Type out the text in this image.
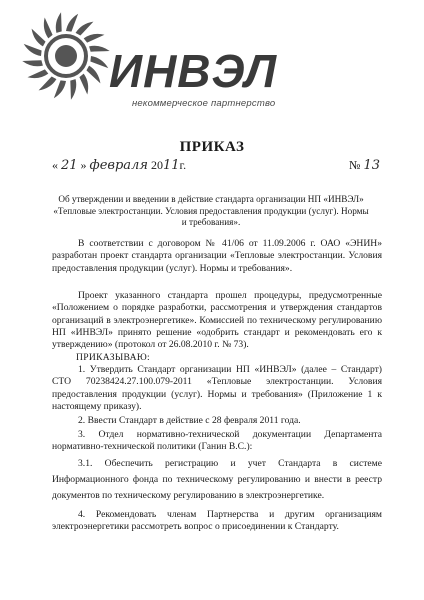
ИНВЭЛ
некоммерческое партнерство
ПРИКАЗ
« 21 » февраля 2011г.	№ 13
Об утверждении и введении в действие стандарта организации НП «ИНВЭЛ» «Тепловые электростанции. Условия предоставления продукции (услуг). Нормы и требования».

В соответствии с договором № 41/06 от 11.09.2006 г. ОАО «ЭНИН» разработан проект стандарта организации «Тепловые электростанции. Условия предоставления продукции (услуг). Нормы и требования».

Проект указанного стандарта прошел процедуры, предусмотренные «Положением о порядке разработки, рассмотрения и утверждения стандартов организаций в электроэнергетике». Комиссией по техническому регулированию НП «ИНВЭЛ» принято решение «одобрить стандарт и рекомендовать его к утверждению» (протокол от 26.08.2010 г. № 73).

ПРИКАЗЫВАЮ:

1. Утвердить Стандарт организации НП «ИНВЭЛ» (далее – Стандарт) СТО 70238424.27.100.079-2011 «Тепловые электростанции. Условия предоставления продукции (услуг). Нормы и требования» (Приложение 1 к настоящему приказу).

2. Ввести Стандарт в действие с 28 февраля 2011 года.

3. Отдел нормативно-технической документации Департамента нормативно-технической политики (Ганин В.С.):

3.1. Обеспечить регистрацию и учет Стандарта в системе Информационного фонда по техническому регулированию и внести в реестр документов по техническому регулированию в электроэнергетике.

4. Рекомендовать членам Партнерства и другим организациям электроэнергетики рассмотреть вопрос о присоединении к Стандарту.
